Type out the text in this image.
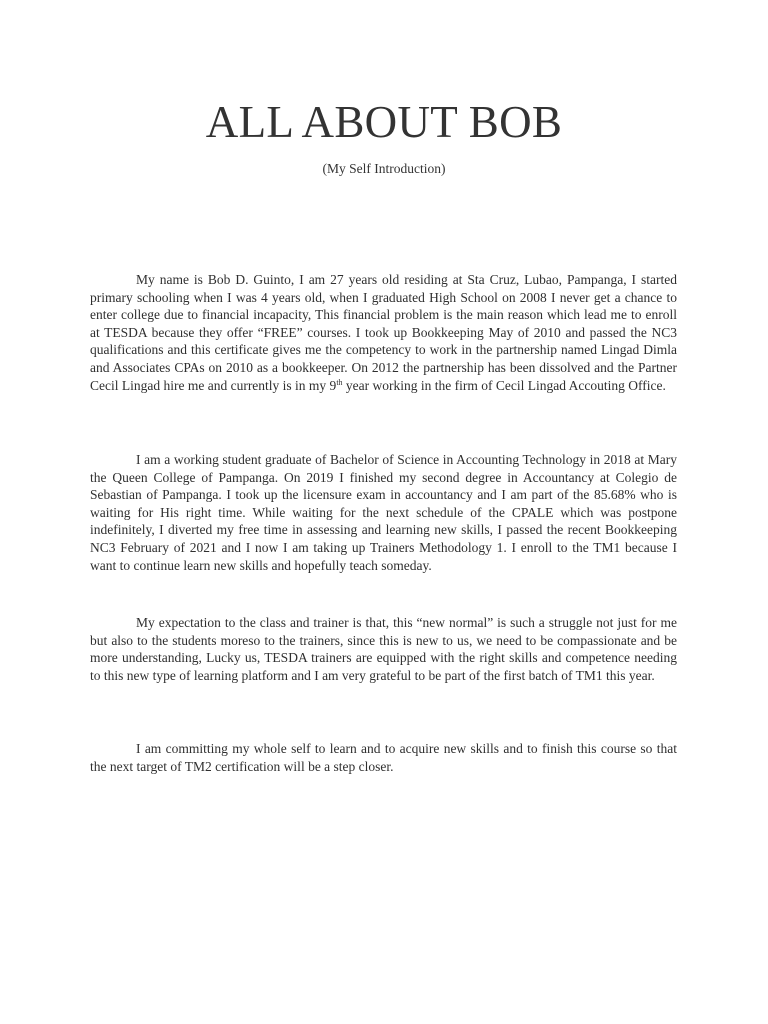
ALL ABOUT BOB
(My Self Introduction)

My name is Bob D. Guinto, I am 27 years old residing at Sta Cruz, Lubao, Pampanga, I started primary schooling when I was 4 years old, when I graduated High School on 2008 I never get a chance to enter college due to financial incapacity, This financial problem is the main reason which lead me to enroll at TESDA because they offer “FREE” courses. I took up Bookkeeping May of 2010 and passed the NC3 qualifications and this certificate gives me the competency to work in the partnership named Lingad Dimla and Associates CPAs on 2010 as a bookkeeper. On 2012 the partnership has been dissolved and the Partner Cecil Lingad hire me and currently is in my 9th year working in the firm of Cecil Lingad Accouting Office.

I am a working student graduate of Bachelor of Science in Accounting Technology in 2018 at Mary the Queen College of Pampanga. On 2019 I finished my second degree in Accountancy at Colegio de Sebastian of Pampanga. I took up the licensure exam in accountancy and I am part of the 85.68% who is waiting for His right time. While waiting for the next schedule of the CPALE which was postpone indefinitely, I diverted my free time in assessing and learning new skills, I passed the recent Bookkeeping NC3 February of 2021 and I now I am taking up Trainers Methodology 1. I enroll to the TM1 because I want to continue learn new skills and hopefully teach someday.

My expectation to the class and trainer is that, this “new normal” is such a struggle not just for me but also to the students moreso to the trainers, since this is new to us, we need to be compassionate and be more understanding, Lucky us, TESDA trainers are equipped with the right skills and competence needing to this new type of learning platform and I am very grateful to be part of the first batch of TM1 this year.

I am committing my whole self to learn and to acquire new skills and to finish this course so that the next target of TM2 certification will be a step closer.
